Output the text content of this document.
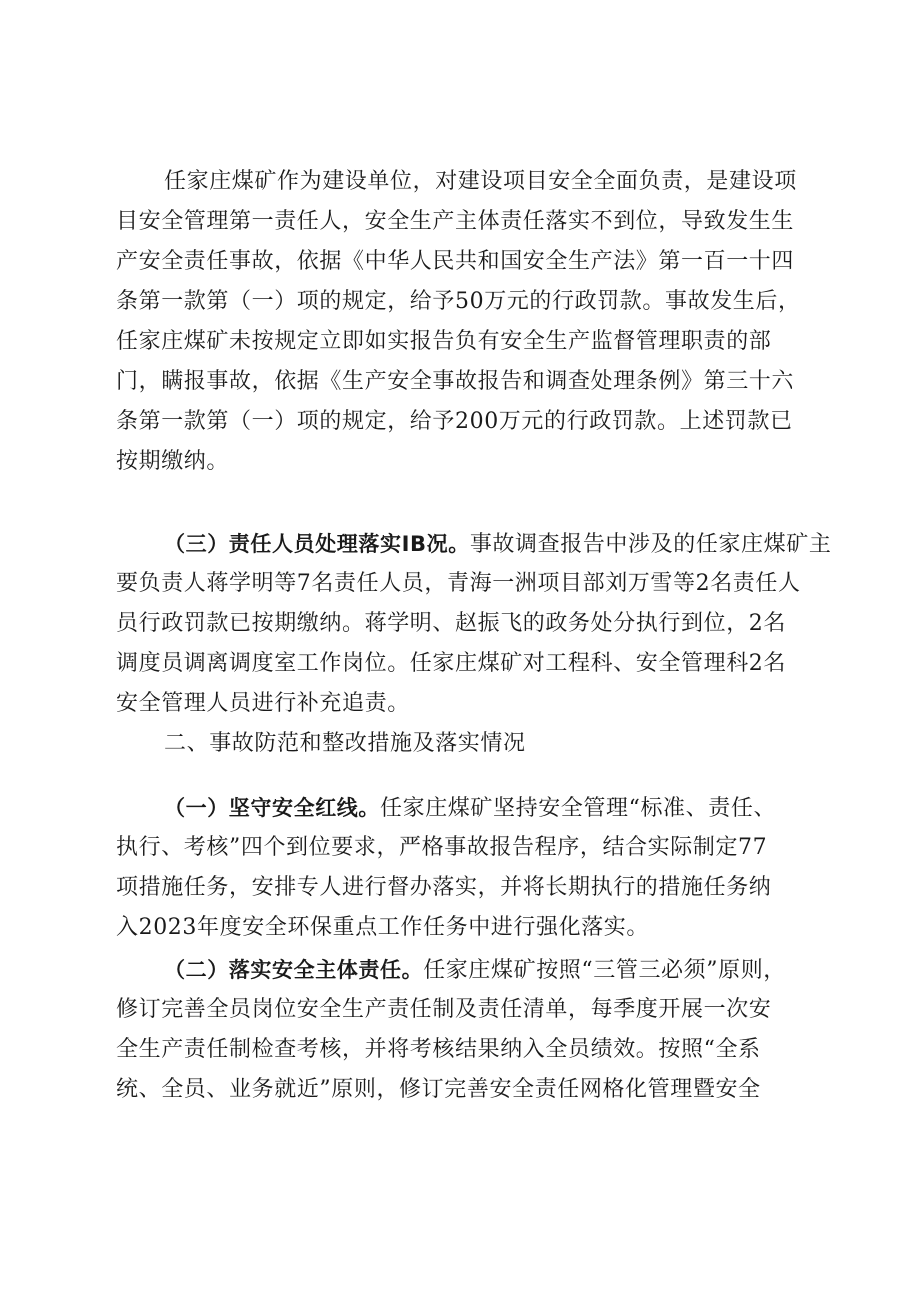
任家庄煤矿作为建设单位，对建设项目安全全面负责，是建设项
目安全管理第一责任人，安全生产主体责任落实不到位，导致发生生
产安全责任事故，依据《中华人民共和国安全生产法》第一百一十四
条第一款第（一）项的规定，给予50万元的行政罚款。事故发生后，
任家庄煤矿未按规定立即如实报告负有安全生产监督管理职责的部
门，瞒报事故，依据《生产安全事故报告和调查处理条例》第三十六
条第一款第（一）项的规定，给予200万元的行政罚款。上述罚款已
按期缴纳。
（三）责任人员处理落实IB况。事故调查报告中涉及的任家庄煤矿主
要负责人蒋学明等7名责任人员，青海一洲项目部刘万雪等2名责任人
员行政罚款已按期缴纳。蒋学明、赵振飞的政务处分执行到位，2名
调度员调离调度室工作岗位。任家庄煤矿对工程科、安全管理科2名
安全管理人员进行补充追责。
二、事故防范和整改措施及落实情况
（一）坚守安全红线。任家庄煤矿坚持安全管理“标准、责任、
执行、考核”四个到位要求，严格事故报告程序，结合实际制定77
项措施任务，安排专人进行督办落实，并将长期执行的措施任务纳
入2023年度安全环保重点工作任务中进行强化落实。
（二）落实安全主体责任。任家庄煤矿按照“三管三必须”原则，
修订完善全员岗位安全生产责任制及责任清单，每季度开展一次安
全生产责任制检查考核，并将考核结果纳入全员绩效。按照“全系
统、全员、业务就近”原则，修订完善安全责任网格化管理暨安全
